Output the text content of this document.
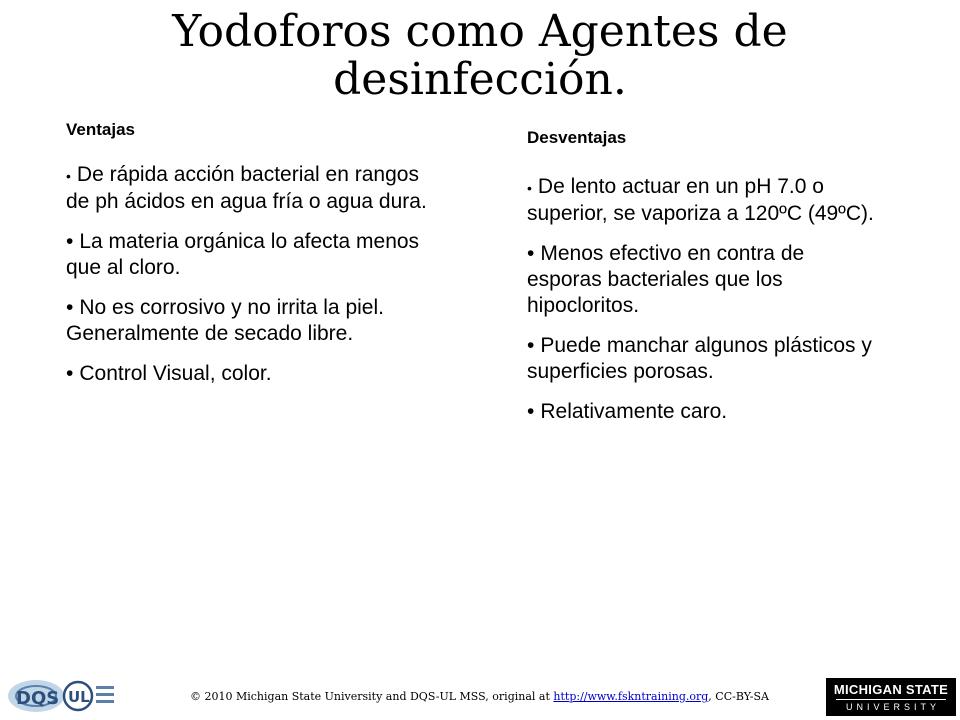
Yodoforos como Agentes de desinfección.
Ventajas
• De rápida acción bacterial en rangos de ph ácidos en agua fría o agua dura.
• La materia orgánica lo afecta menos que al cloro.
• No es corrosivo y no irrita la piel. Generalmente de secado libre.
• Control Visual, color.
Desventajas
• De lento actuar en un pH 7.0 o superior, se vaporiza a 120ºC (49ºC).
• Menos efectivo en contra de esporas bacteriales que los hipocloritos.
• Puede manchar algunos plásticos y superficies porosas.
• Relativamente caro.
DQS UL	© 2010 Michigan State University and DQS-UL MSS, original at http://www.fskntraining.org, CC-BY-SA	MICHIGAN STATE
UNIVERSITY
